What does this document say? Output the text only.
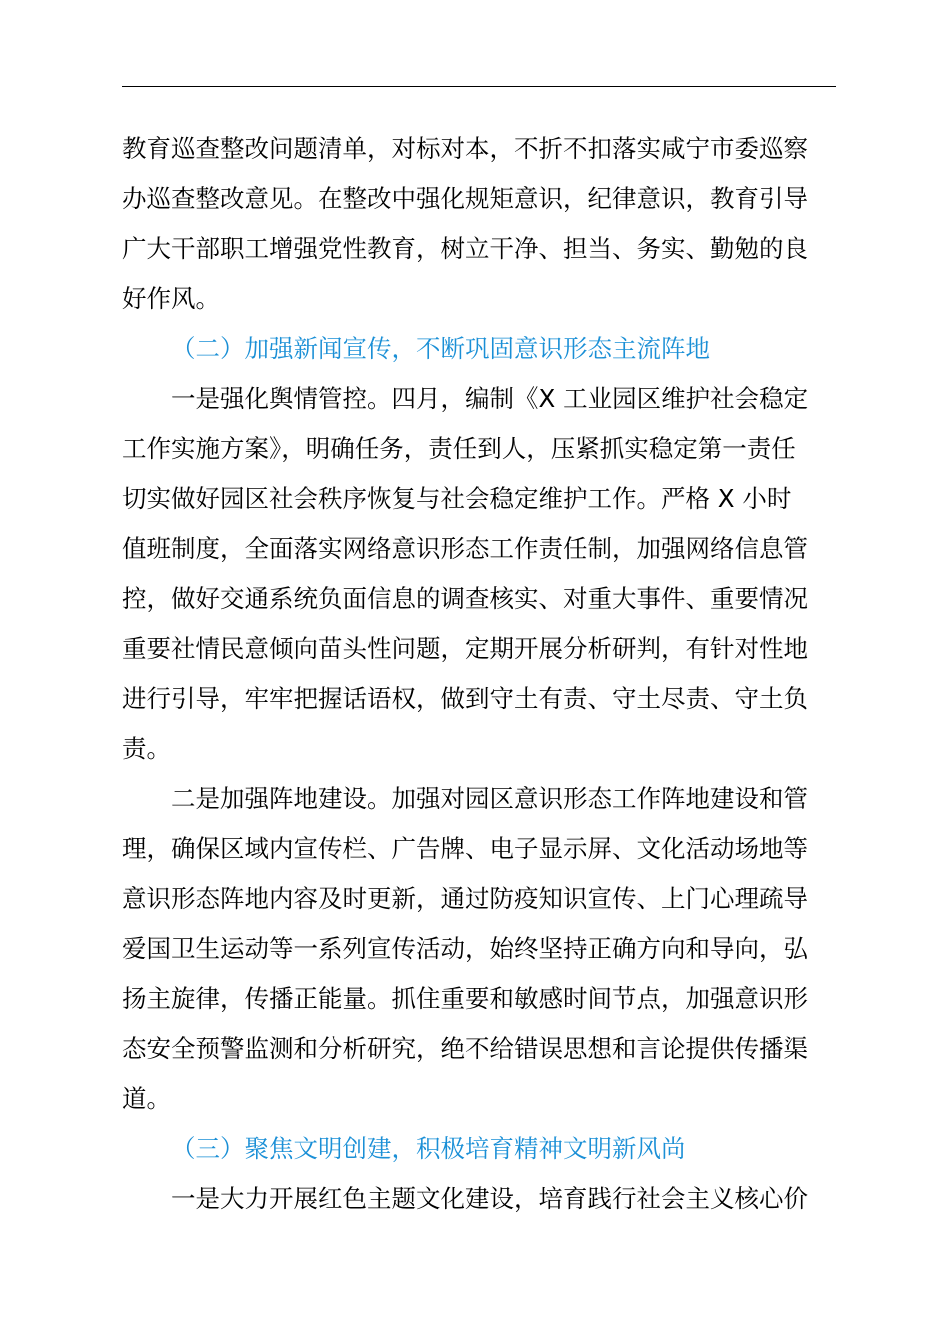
教育巡查整改问题清单，对标对本，不折不扣落实咸宁市委巡察
办巡查整改意见。在整改中强化规矩意识，纪律意识，教育引导
广大干部职工增强党性教育，树立干净、担当、务实、勤勉的良
好作风。
（二）加强新闻宣传，不断巩固意识形态主流阵地
一是强化舆情管控。四月，编制《X 工业园区维护社会稳定
工作实施方案》，明确任务，责任到人，压紧抓实稳定第一责任
切实做好园区社会秩序恢复与社会稳定维护工作。严格 X 小时
值班制度，全面落实网络意识形态工作责任制，加强网络信息管
控，做好交通系统负面信息的调查核实、对重大事件、重要情况
重要社情民意倾向苗头性问题，定期开展分析研判，有针对性地
进行引导，牢牢把握话语权，做到守土有责、守土尽责、守土负
责。
二是加强阵地建设。加强对园区意识形态工作阵地建设和管
理，确保区域内宣传栏、广告牌、电子显示屏、文化活动场地等
意识形态阵地内容及时更新，通过防疫知识宣传、上门心理疏导
爱国卫生运动等一系列宣传活动，始终坚持正确方向和导向，弘
扬主旋律，传播正能量。抓住重要和敏感时间节点，加强意识形
态安全预警监测和分析研究，绝不给错误思想和言论提供传播渠
道。
（三）聚焦文明创建，积极培育精神文明新风尚
一是大力开展红色主题文化建设，培育践行社会主义核心价
